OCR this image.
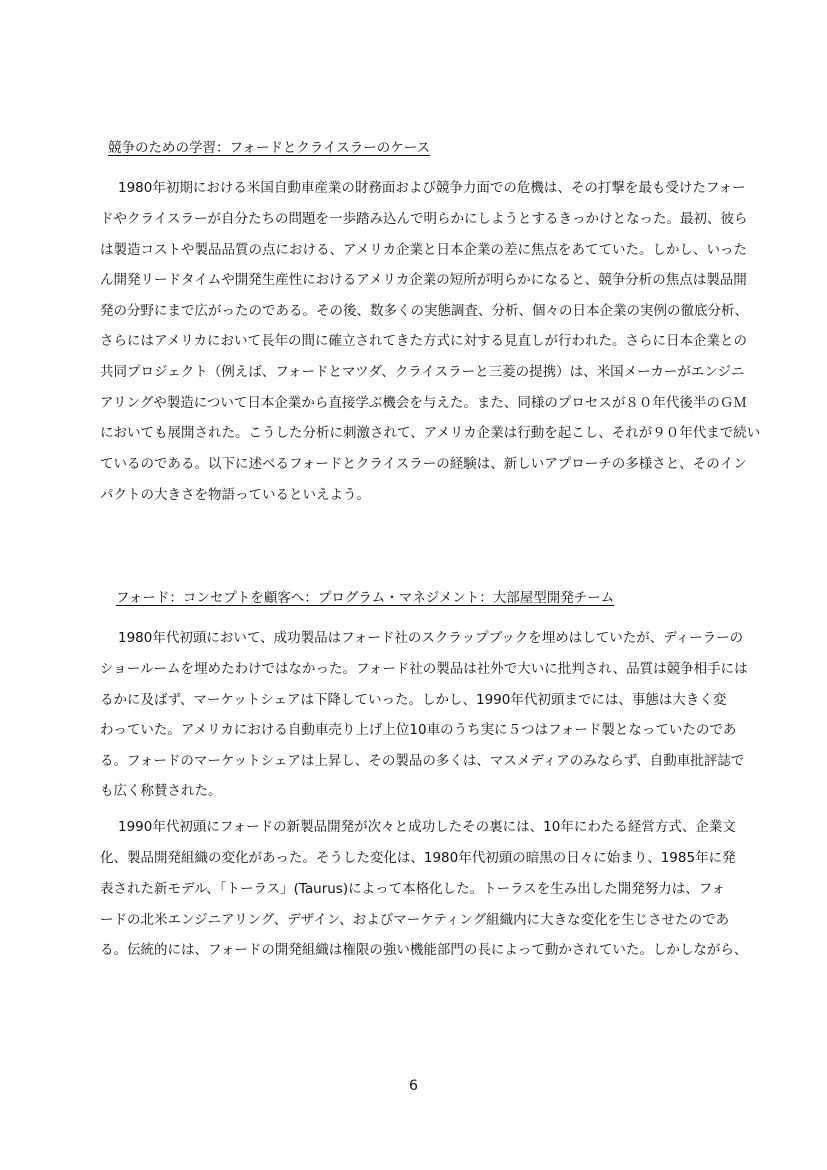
競争のための学習：フォードとクライスラーのケース
1980年初期における米国自動車産業の財務面および競争力面での危機は、その打撃を最も受けたフォー
ドやクライスラーが自分たちの問題を一歩踏み込んで明らかにしようとするきっかけとなった。最初、彼ら
は製造コストや製品品質の点における、アメリカ企業と日本企業の差に焦点をあてていた。しかし、いった
ん開発リードタイムや開発生産性におけるアメリカ企業の短所が明らかになると、競争分析の焦点は製品開
発の分野にまで広がったのである。その後、数多くの実態調査、分析、個々の日本企業の実例の徹底分析、
さらにはアメリカにおいて長年の間に確立されてきた方式に対する見直しが行われた。さらに日本企業との
共同プロジェクト（例えば、フォードとマツダ、クライスラーと三菱の提携）は、米国メーカーがエンジニ
アリングや製造について日本企業から直接学ぶ機会を与えた。また、同様のプロセスが８０年代後半のＧＭ
においても展開された。こうした分析に刺激されて、アメリカ企業は行動を起こし、それが９０年代まで続い
ているのである。以下に述べるフォードとクライスラーの経験は、新しいアプローチの多様さと、そのイン
パクトの大きさを物語っているといえよう。
フォード：コンセプトを顧客へ：プログラム・マネジメント：大部屋型開発チーム
1980年代初頭において、成功製品はフォード社のスクラップブックを埋めはしていたが、ディーラーの
ショールームを埋めたわけではなかった。フォード社の製品は社外で大いに批判され、品質は競争相手には
るかに及ばず、マーケットシェアは下降していった。しかし、1990年代初頭までには、事態は大きく変
わっていた。アメリカにおける自動車売り上げ上位10車のうち実に５つはフォード製となっていたのであ
る。フォードのマーケットシェアは上昇し、その製品の多くは、マスメディアのみならず、自動車批評誌で
も広く称賛された。
1990年代初頭にフォードの新製品開発が次々と成功したその裏には、10年にわたる経営方式、企業文
化、製品開発組織の変化があった。そうした変化は、1980年代初頭の暗黒の日々に始まり、1985年に発
表された新モデル、「トーラス」(Taurus)によって本格化した。トーラスを生み出した開発努力は、フォ
ードの北米エンジニアリング、デザイン、およびマーケティング組織内に大きな変化を生じさせたのであ
る。伝統的には、フォードの開発組織は権限の強い機能部門の長によって動かされていた。しかしながら、
6
